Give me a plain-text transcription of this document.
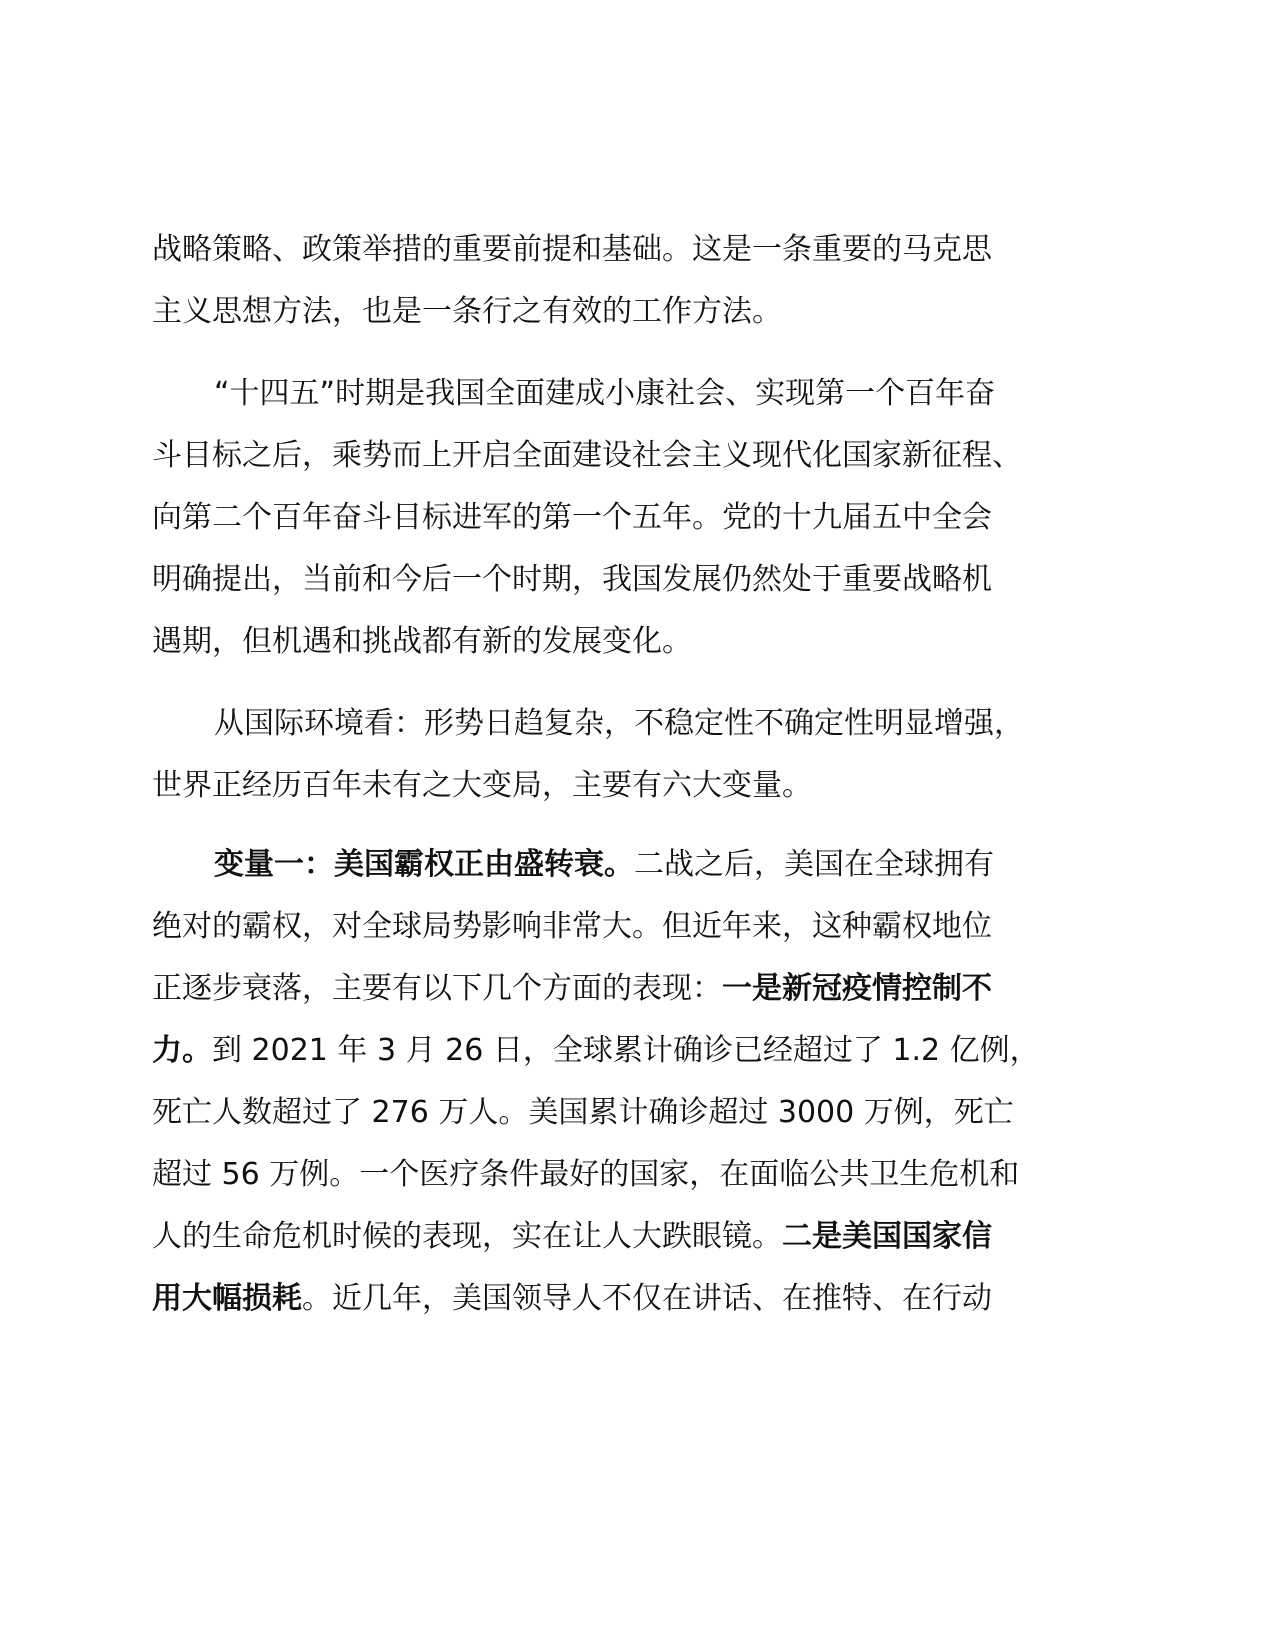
战略策略、政策举措的重要前提和基础。这是一条重要的马克思
主义思想方法，也是一条行之有效的工作方法。
“十四五”时期是我国全面建成小康社会、实现第一个百年奋
斗目标之后，乘势而上开启全面建设社会主义现代化国家新征程、
向第二个百年奋斗目标进军的第一个五年。党的十九届五中全会
明确提出，当前和今后一个时期，我国发展仍然处于重要战略机
遇期，但机遇和挑战都有新的发展变化。
从国际环境看：形势日趋复杂，不稳定性不确定性明显增强，
世界正经历百年未有之大变局，主要有六大变量。
变量一：美国霸权正由盛转衰。二战之后，美国在全球拥有
绝对的霸权，对全球局势影响非常大。但近年来，这种霸权地位
正逐步衰落，主要有以下几个方面的表现：一是新冠疫情控制不
力。到 2021 年 3 月 26 日，全球累计确诊已经超过了 1.2 亿例，
死亡人数超过了 276 万人。美国累计确诊超过 3000 万例，死亡
超过 56 万例。一个医疗条件最好的国家，在面临公共卫生危机和
人的生命危机时候的表现，实在让人大跌眼镜。二是美国国家信
用大幅损耗。近几年，美国领导人不仅在讲话、在推特、在行动
